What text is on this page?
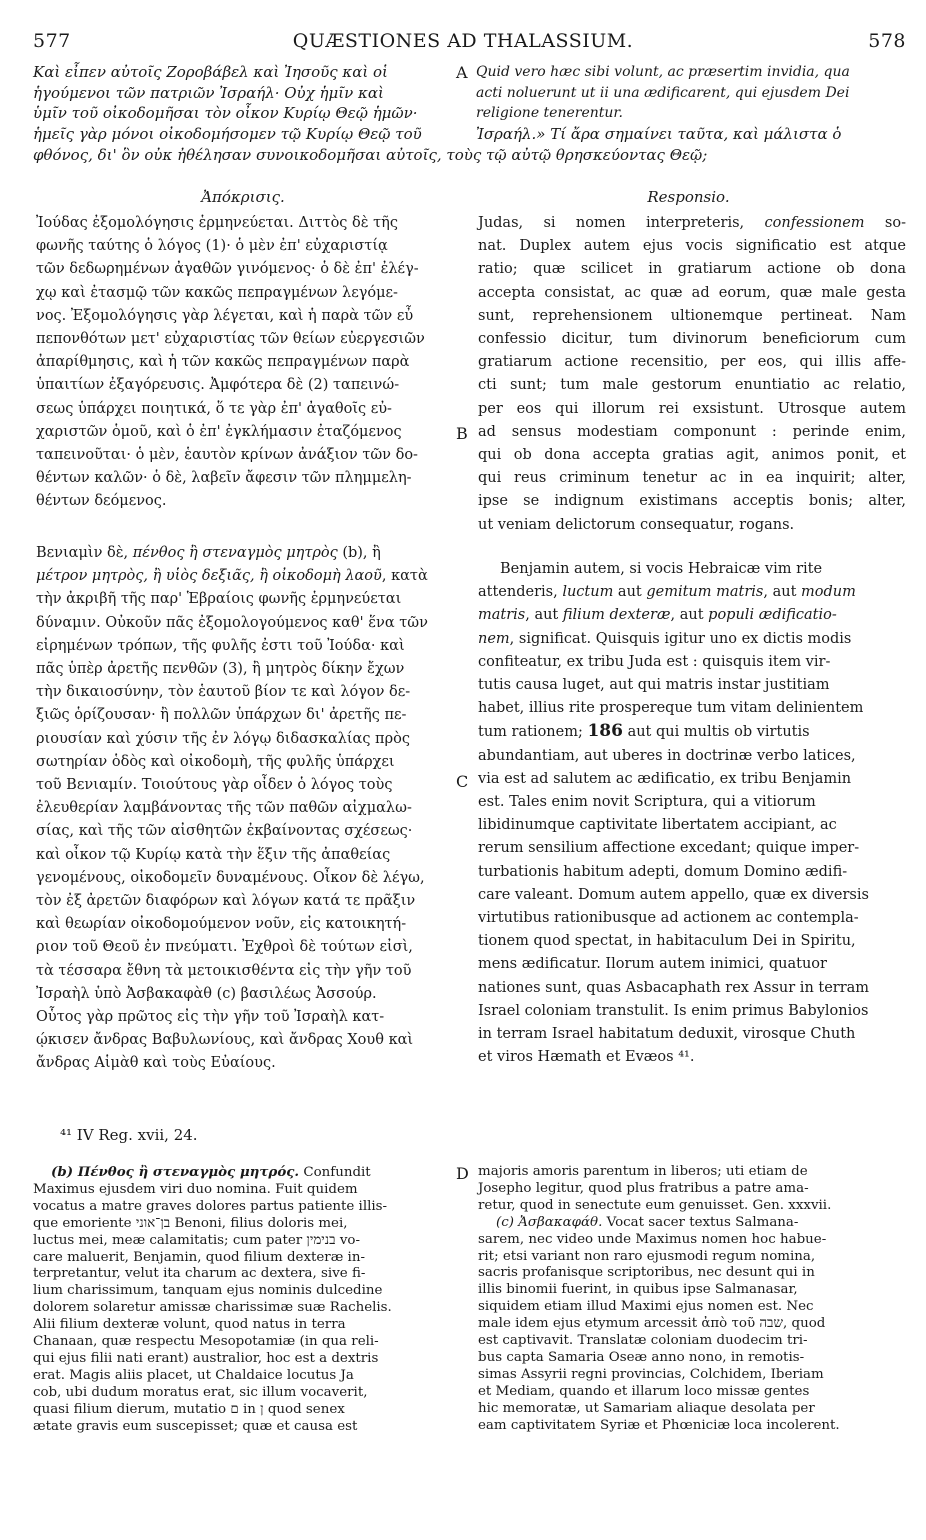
577	QUÆSTIONES AD THALASSIUM.	578
Καὶ εἶπεν αὐτοῖς Ζοροβάβελ καὶ Ἰησοῦς καὶ οἱ
ἡγούμενοι τῶν πατριῶν Ἰσραήλ· Οὐχ ἡμῖν καὶ
ὑμῖν τοῦ οἰκοδομῆσαι τὸν οἶκον Κυρίῳ Θεῷ ἡμῶν·
ἡμεῖς γὰρ μόνοι οἰκοδομήσομεν τῷ Κυρίῳ Θεῷ τοῦ
A Quid vero hæc sibi volunt, ac præsertim invidia, qua
acti noluerunt ut ii una ædificarent, qui ejusdem Dei
religione tenerentur.
Ἰσραήλ.» Τί ἄρα σημαίνει ταῦτα, καὶ μάλιστα ὁ
φθόνος, δι' ὃν οὐκ ἠθέλησαν συνοικοδομῆσαι αὐτοῖς, τοὺς τῷ αὐτῷ θρησκεύοντας Θεῷ;
Ἀπόκρισις.	Responsio.
Ἰούδας ἐξομολόγησις ἑρμηνεύεται. Διττὸς δὲ τῆς
φωνῆς ταύτης ὁ λόγος (1)· ὁ μὲν ἐπ' εὐχαριστίᾳ
τῶν δεδωρημένων ἀγαθῶν γινόμενος· ὁ δὲ ἐπ' ἐλέγ-
χῳ καὶ ἐτασμῷ τῶν κακῶς πεπραγμένων λεγόμε-
νος. Ἐξομολόγησις γὰρ λέγεται, καὶ ἡ παρὰ τῶν εὖ
πεπονθότων μετ' εὐχαριστίας τῶν θείων εὐεργεσιῶν
ἀπαρίθμησις, καὶ ἡ τῶν κακῶς πεπραγμένων παρὰ
ὑπαιτίων ἐξαγόρευσις. Ἀμφότερα δὲ (2) ταπεινώ-
σεως ὑπάρχει ποιητικά, ὅ τε γὰρ ἐπ' ἀγαθοῖς εὐ-
χαριστῶν ὁμοῦ, καὶ ὁ ἐπ' ἐγκλήμασιν ἐταζόμενος
ταπεινοῦται· ὁ μὲν, ἑαυτὸν κρίνων ἀνάξιον τῶν δο-
θέντων καλῶν· ὁ δὲ, λαβεῖν ἄφεσιν τῶν πλημμελη-
θέντων δεόμενος.
Βενιαμὶν δὲ, πένθος ἢ στεναγμὸς μητρὸς (b), ἢ
μέτρον μητρὸς, ἢ υἱὸς δεξιᾶς, ἢ οἰκοδομὴ λαοῦ, κατὰ
τὴν ἀκριβῆ τῆς παρ' Ἑβραίοις φωνῆς ἑρμηνεύεται
δύναμιν. Οὐκοῦν πᾶς ἐξομολογούμενος καθ' ἕνα τῶν
εἰρημένων τρόπων, τῆς φυλῆς ἐστι τοῦ Ἰούδα· καὶ
πᾶς ὑπὲρ ἀρετῆς πενθῶν (3), ἢ μητρὸς δίκην ἔχων
τὴν δικαιοσύνην, τὸν ἑαυτοῦ βίον τε καὶ λόγον δε-
ξιῶς ὁρίζουσαν· ἢ πολλῶν ὑπάρχων δι' ἀρετῆς πε-
ριουσίαν καὶ χύσιν τῆς ἐν λόγῳ διδασκαλίας πρὸς
σωτηρίαν ὁδὸς καὶ οἰκοδομὴ, τῆς φυλῆς ὑπάρχει
τοῦ Βενιαμίν. Τοιούτους γὰρ οἶδεν ὁ λόγος τοὺς
ἐλευθερίαν λαμβάνοντας τῆς τῶν παθῶν αἰχμαλω-
σίας, καὶ τῆς τῶν αἰσθητῶν ἐκβαίνοντας σχέσεως·
καὶ οἶκον τῷ Κυρίῳ κατὰ τὴν ἕξιν τῆς ἀπαθείας
γενομένους, οἰκοδομεῖν δυναμένους. Οἶκον δὲ λέγω,
τὸν ἐξ ἀρετῶν διαφόρων καὶ λόγων κατά τε πρᾶξιν
καὶ θεωρίαν οἰκοδομούμενον νοῦν, εἰς κατοικητή-
ριον τοῦ Θεοῦ ἐν πνεύματι. Ἐχθροὶ δὲ τούτων εἰσὶ,
τὰ τέσσαρα ἔθνη τὰ μετοικισθέντα εἰς τὴν γῆν τοῦ
Ἰσραὴλ ὑπὸ Ἀσβακαφὰθ (c) βασιλέως Ἀσσούρ.
Οὗτος γὰρ πρῶτος εἰς τὴν γῆν τοῦ Ἰσραὴλ κατ-
ῴκισεν ἄνδρας Βαβυλωνίους, καὶ ἄνδρας Χουθ καὶ
ἄνδρας Αἱμὰθ καὶ τοὺς Εὐαίους.
B
C
Judas, si nomen interpreteris, confessionem so-
nat. Duplex autem ejus vocis significatio est atque
ratio; quæ scilicet in gratiarum actione ob dona
accepta consistat, ac quæ ad eorum, quæ male gesta
sunt, reprehensionem ultionemque pertineat. Nam
confessio dicitur, tum divinorum beneficiorum cum
gratiarum actione recensitio, per eos, qui illis affe-
cti sunt; tum male gestorum enuntiatio ac relatio,
per eos qui illorum rei exsistunt. Utrosque autem
ad sensus modestiam componunt : perinde enim,
qui ob dona accepta gratias agit, animos ponit, et
qui reus criminum tenetur ac in ea inquirit; alter,
ipse se indignum existimans acceptis bonis; alter,
ut veniam delictorum consequatur, rogans.
Benjamin autem, si vocis Hebraicæ vim rite
attenderis, luctum aut gemitum matris, aut modum
matris, aut filium dexteræ, aut populi ædificatio-
nem, significat. Quisquis igitur uno ex dictis modis
confiteatur, ex tribu Juda est : quisquis item vir-
tutis causa luget, aut qui matris instar justitiam
habet, illius rite prospereque tum vitam delinientem
tum rationem; 186 aut qui multis ob virtutis
abundantiam, aut uberes in doctrinæ verbo latices,
via est ad salutem ac ædificatio, ex tribu Benjamin
est. Tales enim novit Scriptura, qui a vitiorum
libidinumque captivitate libertatem accipiant, ac
rerum sensilium affectione excedant; quique imper-
turbationis habitum adepti, domum Domino ædifi-
care valeant. Domum autem appello, quæ ex diversis
virtutibus rationibusque ad actionem ac contempla-
tionem quod spectat, in habitaculum Dei in Spiritu,
mens ædificatur. Ilorum autem inimici, quatuor
nationes sunt, quas Asbacaphath rex Assur in terram
Israel coloniam transtulit. Is enim primus Babylonios
in terram Israel habitatum deduxit, virosque Chuth
et viros Hæmath et Evæos ⁴¹.
⁴¹ IV Reg. xvii, 24.
(b) Πένθος ἢ στεναγμὸς μητρός. Confundit
Maximus ejusdem viri duo nomina. Fuit quidem
vocatus a matre graves dolores partus patiente illis-
que emoriente בן־אוני Benoni, filius doloris mei,
luctus mei, meæ calamitatis; cum pater בנימין vo-
care maluerit, Benjamin, quod filium dexteræ in-
terpretantur, velut ita charum ac dextera, sive fi-
lium charissimum, tanquam ejus nominis dulcedine
dolorem solaretur amissæ charissimæ suæ Rachelis.
Alii filium dexteræ volunt, quod natus in terra
Chanaan, quæ respectu Mesopotamiæ (in qua reli-
qui ejus filii nati erant) australior, hoc est a dextris
erat. Magis aliis placet, ut Chaldaice locutus Ja
cob, ubi dudum moratus erat, sic illum vocaverit,
quasi filium dierum, mutatio ם in ן quod senex
ætate gravis eum suscepisset; quæ et causa est
D majoris amoris parentum in liberos; uti etiam de
Josepho legitur, quod plus fratribus a patre ama-
retur, quod in senectute eum genuisset. Gen. xxxvii.
(c) Ἀσβακαφάθ. Vocat sacer textus Salmana-
sarem, nec video unde Maximus nomen hoc habue-
rit; etsi variant non raro ejusmodi regum nomina,
sacris profanisque scriptoribus, nec desunt qui in
illis binomii fuerint, in quibus ipse Salmanasar,
siquidem etiam illud Maximi ejus nomen est. Nec
male idem ejus etymum arcessit ἀπὸ τοῦ שבה, quod
est captivavit. Translatæ coloniam duodecim tri-
bus capta Samaria Oseæ anno nono, in remotis-
simas Assyrii regni provincias, Colchidem, Iberiam
et Mediam, quando et illarum loco missæ gentes
hic memoratæ, ut Samariam aliaque desolata per
eam captivitatem Syriæ et Phœniciæ loca incolerent.
